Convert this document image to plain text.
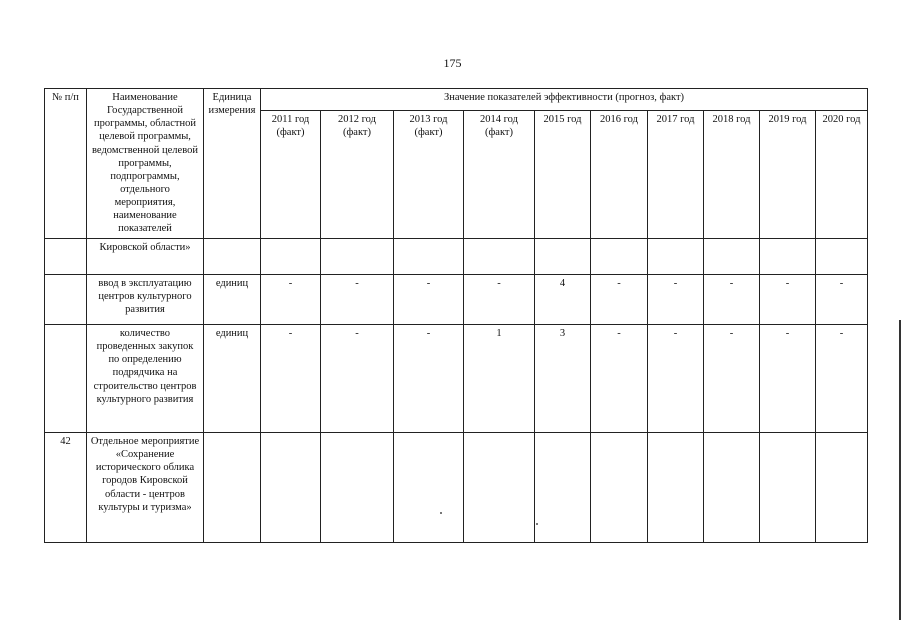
175
№ п/п	Наименование Государственной программы, областной целевой программы, ведомственной целевой программы, подпрограммы, отдельного мероприятия, наименование показателей	Единица измерения	Значение показателей эффективности (прогноз, факт)									
			2011 год (факт)	2012 год (факт)	2013 год (факт)	2014 год (факт)	2015 год	2016 год	2017 год	2018 год	2019 год	2020 год
	Кировской области»											
	ввод в эксплуатацию центров культурного развития	единиц	-	-	-	-	4	-	-	-	-	-
	количество проведенных закупок по определению подрядчика на строительство центров культурного развития	единиц	-	-	-	1	3	-	-	-	-	-
42	Отдельное мероприятие «Сохранение исторического облика городов Кировской области - центров культуры и туризма»											
